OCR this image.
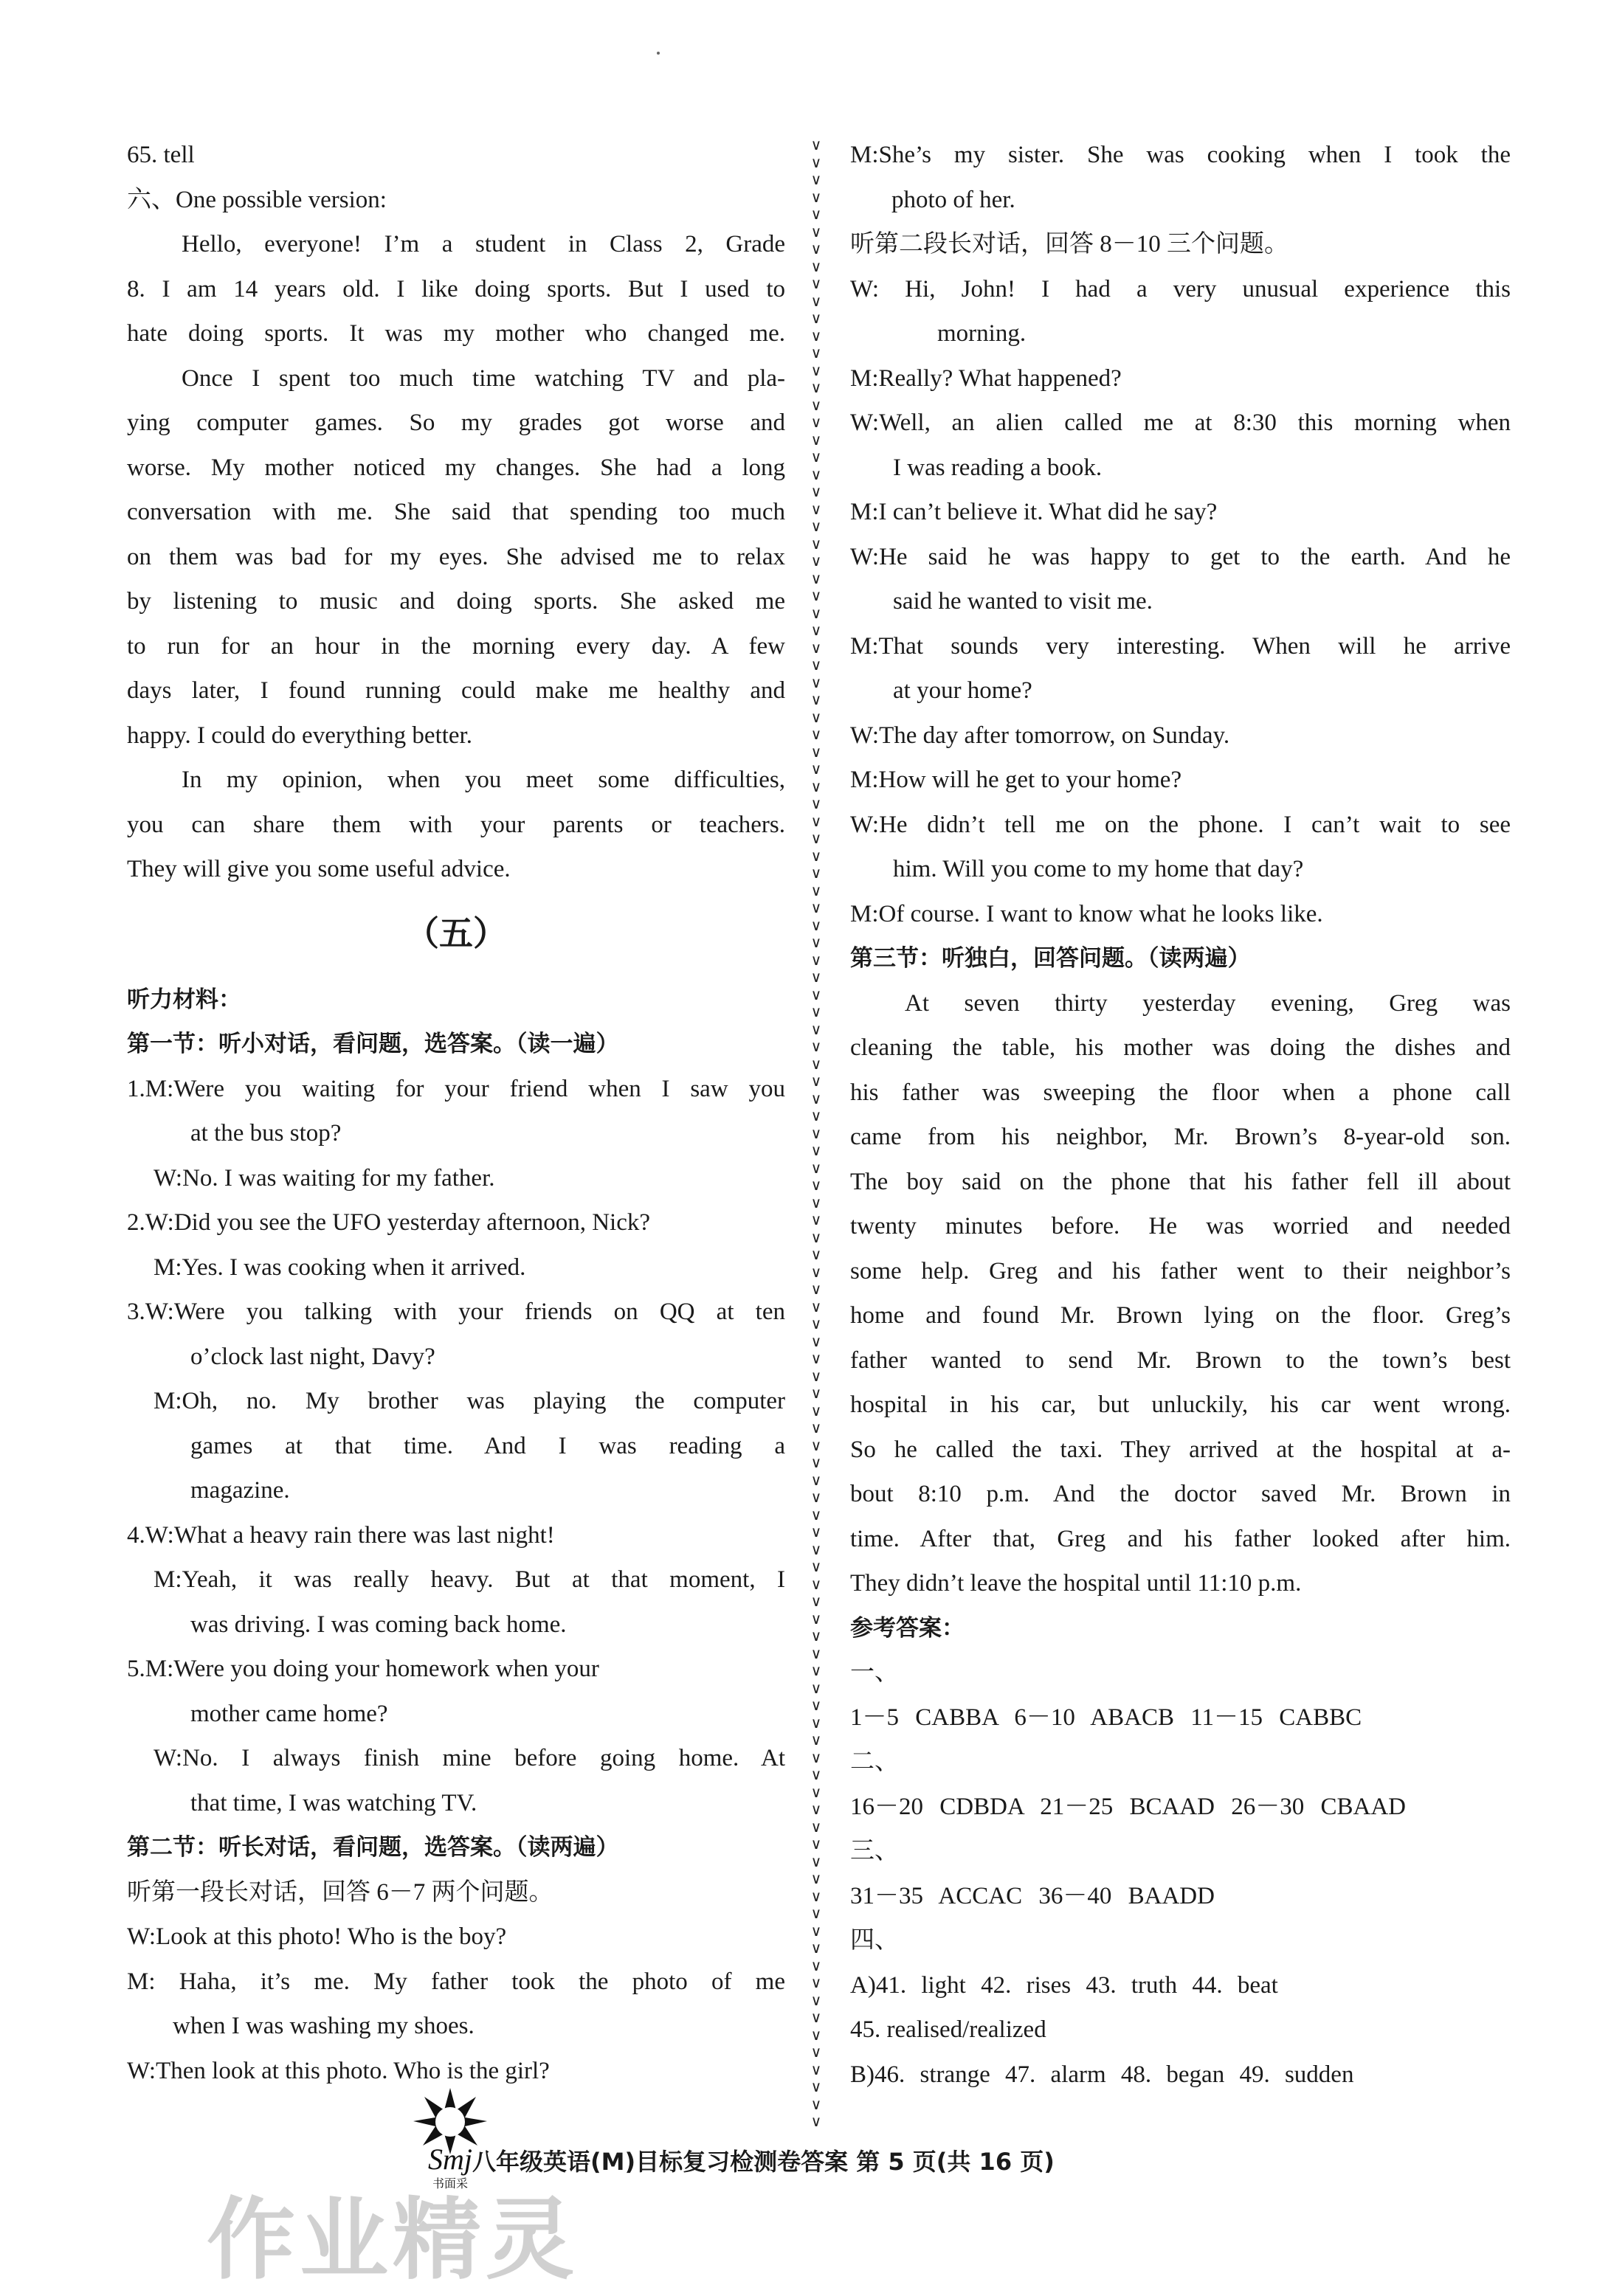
65. tell

六、One possible version:

Hello, everyone! I’m a student in Class 2, Grade

8. I am 14 years old. I like doing sports. But I used to

hate doing sports. It was my mother who changed me.

Once I spent too much time watching TV and pla-

ying computer games. So my grades got worse and

worse. My mother noticed my changes. She had a long

conversation with me. She said that spending too much

on them was bad for my eyes. She advised me to relax

by listening to music and doing sports. She asked me

to run for an hour in the morning every day. A few

days later, I found running could make me healthy and

happy. I could do everything better.

In my opinion, when you meet some difficulties,

you can share them with your parents or teachers.

They will give you some useful advice.

（五）

听力材料：

第一节：听小对话，看问题，选答案。（读一遍）

1.M:Were you waiting for your friend when I saw you

at the bus stop?

W:No. I was waiting for my father.

2.W:Did you see the UFO yesterday afternoon, Nick?

M:Yes. I was cooking when it arrived.

3.W:Were you talking with your friends on QQ at ten

o’clock last night, Davy?

M:Oh, no. My brother was playing the computer

games at that time. And I was reading a

magazine.

4.W:What a heavy rain there was last night!

M:Yeah, it was really heavy. But at that moment, I

was driving. I was coming back home.

5.M:Were you doing your homework when your

mother came home?

W:No. I always finish mine before going home. At

that time, I was watching TV.

第二节：听长对话，看问题，选答案。（读两遍）

听第一段长对话，回答 6－7 两个问题。

W:Look at this photo! Who is the boy?

M: Haha, it’s me. My father took the photo of me

when I was washing my shoes.

W:Then look at this photo. Who is the girl?

∨
∨
∨
∨
∨
∨
∨
∨
∨
∨
∨
∨
∨
∨
∨
∨
∨
∨
∨
∨
∨
∨
∨
∨
∨
∨
∨
∨
∨
∨
∨
∨
∨
∨
∨
∨
∨
∨
∨
∨
∨
∨
∨
∨
∨
∨
∨
∨
∨
∨
∨
∨
∨
∨
∨
∨
∨
∨
∨
∨
∨
∨
∨
∨
∨
∨
∨
∨
∨
∨
∨
∨
∨
∨
∨
∨
∨
∨
∨
∨
∨
∨
∨
∨
∨
∨
∨
∨
∨
∨
∨
∨
∨
∨
∨
∨
∨
∨
∨
∨
∨
∨
∨
∨
∨
∨
∨
∨
∨
∨
∨
∨
∨
∨
∨

M:She’s my sister. She was cooking when I took the

photo of her.

听第二段长对话，回答 8－10 三个问题。

W: Hi, John! I had a very unusual experience this

morning.

M:Really? What happened?

W:Well, an alien called me at 8:30 this morning when

I was reading a book.

M:I can’t believe it. What did he say?

W:He said he was happy to get to the earth. And he

said he wanted to visit me.

M:That sounds very interesting. When will he arrive

at your home?

W:The day after tomorrow, on Sunday.

M:How will he get to your home?

W:He didn’t tell me on the phone. I can’t wait to see

him. Will you come to my home that day?

M:Of course. I want to know what he looks like.

第三节：听独白，回答问题。（读两遍）

At seven thirty yesterday evening, Greg was

cleaning the table, his mother was doing the dishes and

his father was sweeping the floor when a phone call

came from his neighbor, Mr. Brown’s 8-year-old son.

The boy said on the phone that his father fell ill about

twenty minutes before. He was worried and needed

some help. Greg and his father went to their neighbor’s

home and found Mr. Brown lying on the floor. Greg’s

father wanted to send Mr. Brown to the town’s best

hospital in his car, but unluckily, his car went wrong.

So he called the taxi. They arrived at the hospital at a-

bout 8:10 p.m. And the doctor saved Mr. Brown in

time. After that, Greg and his father looked after him.

They didn’t leave the hospital until 11:10 p.m.

参考答案：

一、

1－5 CABBA 6－10 ABACB 11－15 CABBC

二、

16－20 CDBDA 21－25 BCAAD 26－30 CBAAD

三、

31－35 ACCAC 36－40 BAADD

四、

A)41. light 42. rises 43. truth 44. beat

45. realised/realized

B)46. strange 47. alarm 48. began 49. sudden

Smj
书面采
八年级英语(M)目标复习检测卷答案 第 5 页(共 16 页)
作业精灵
